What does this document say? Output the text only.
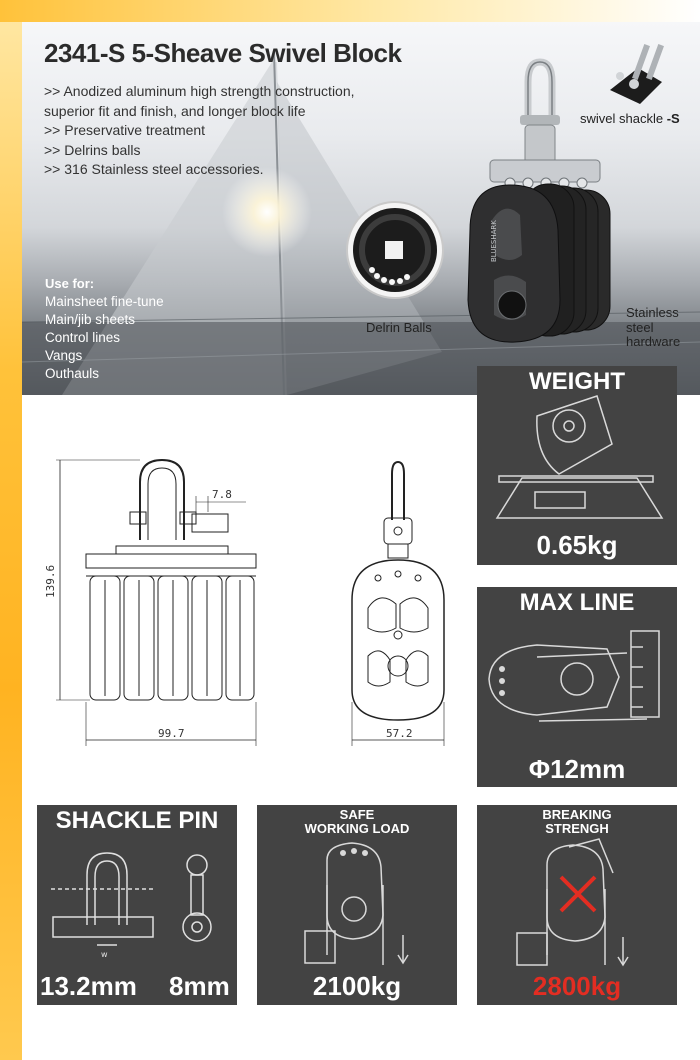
2341-S 5-Sheave Swivel Block
>> Anodized aluminum high strength construction,
superior fit and finish, and longer block life
>> Preservative treatment
>> Delrins balls
>> 316 Stainless steel accessories.
Use for:
Mainsheet fine-tune
Main/jib sheets
Control lines
Vangs
Outhauls
BLUESHARK
swivel shackle -S
Delrin Balls
Stainless
steel
hardware
7.8
139.6
99.7	57.2
WEIGHT
0.65kg
MAX LINE
Φ12mm
SHACKLE PIN
w
13.2mm 8mm
SAFE
WORKING LOAD
2100kg
BREAKING
STRENGH
2800kg
